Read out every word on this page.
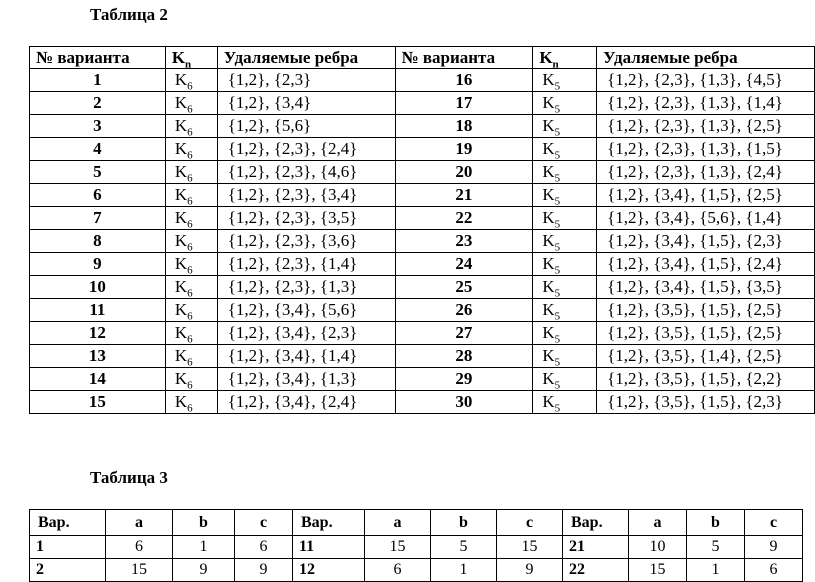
Таблица 2
№ варианта	$K_n$	Удаляемые ребра	№ варианта	$K_n$	Удаляемые ребра
1	$K_6$	{1,2}, {2,3}	16	$K_5$	{1,2}, {2,3}, {1,3}, {4,5}
2	$K_6$	{1,2}, {3,4}	17	$K_5$	{1,2}, {2,3}, {1,3}, {1,4}
3	$K_6$	{1,2}, {5,6}	18	$K_5$	{1,2}, {2,3}, {1,3}, {2,5}
4	$K_6$	{1,2}, {2,3}, {2,4}	19	$K_5$	{1,2}, {2,3}, {1,3}, {1,5}
5	$K_6$	{1,2}, {2,3}, {4,6}	20	$K_5$	{1,2}, {2,3}, {1,3}, {2,4}
6	$K_6$	{1,2}, {2,3}, {3,4}	21	$K_5$	{1,2}, {3,4}, {1,5}, {2,5}
7	$K_6$	{1,2}, {2,3}, {3,5}	22	$K_5$	{1,2}, {3,4}, {5,6}, {1,4}
8	$K_6$	{1,2}, {2,3}, {3,6}	23	$K_5$	{1,2}, {3,4}, {1,5}, {2,3}
9	$K_6$	{1,2}, {2,3}, {1,4}	24	$K_5$	{1,2}, {3,4}, {1,5}, {2,4}
10	$K_6$	{1,2}, {2,3}, {1,3}	25	$K_5$	{1,2}, {3,4}, {1,5}, {3,5}
11	$K_6$	{1,2}, {3,4}, {5,6}	26	$K_5$	{1,2}, {3,5}, {1,5}, {2,5}
12	$K_6$	{1,2}, {3,4}, {2,3}	27	$K_5$	{1,2}, {3,5}, {1,5}, {2,5}
13	$K_6$	{1,2}, {3,4}, {1,4}	28	$K_5$	{1,2}, {3,5}, {1,4}, {2,5}
14	$K_6$	{1,2}, {3,4}, {1,3}	29	$K_5$	{1,2}, {3,5}, {1,5}, {2,2}
15	$K_6$	{1,2}, {3,4}, {2,4}	30	$K_5$	{1,2}, {3,5}, {1,5}, {2,3}
Таблица 3
Вар.	a	b	c	Вар.	a	b	c	Вар.	a	b	c
1	6	1	6	11	15	5	15	21	10	5	9
2	15	9	9	12	6	1	9	22	15	1	6
